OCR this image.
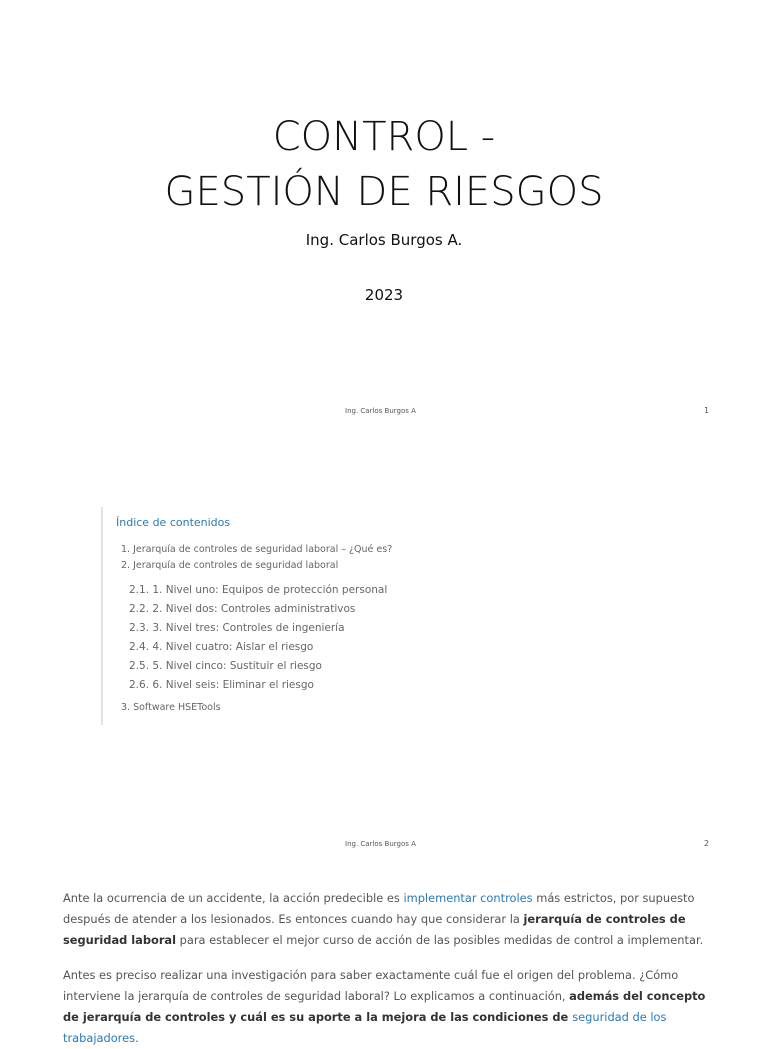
CONTROL -
GESTIÓN DE RIESGOS
Ing. Carlos Burgos A.
2023
Ing. Carlos Burgos A	1
Índice de contenidos
1. Jerarquía de controles de seguridad laboral – ¿Qué es?
2. Jerarquía de controles de seguridad laboral
2.1. 1. Nivel uno: Equipos de protección personal
2.2. 2. Nivel dos: Controles administrativos
2.3. 3. Nivel tres: Controles de ingeniería
2.4. 4. Nivel cuatro: Aislar el riesgo
2.5. 5. Nivel cinco: Sustituir el riesgo
2.6. 6. Nivel seis: Eliminar el riesgo
3. Software HSETools
Ing. Carlos Burgos A	2
Ante la ocurrencia de un accidente, la acción predecible es implementar controles más estrictos, por supuesto después de atender a los lesionados. Es entonces cuando hay que considerar la jerarquía de controles de seguridad laboral para establecer el mejor curso de acción de las posibles medidas de control a implementar.
Antes es preciso realizar una investigación para saber exactamente cuál fue el origen del problema. ¿Cómo interviene la jerarquía de controles de seguridad laboral? Lo explicamos a continuación, además del concepto de jerarquía de controles y cuál es su aporte a la mejora de las condiciones de seguridad de los trabajadores.
